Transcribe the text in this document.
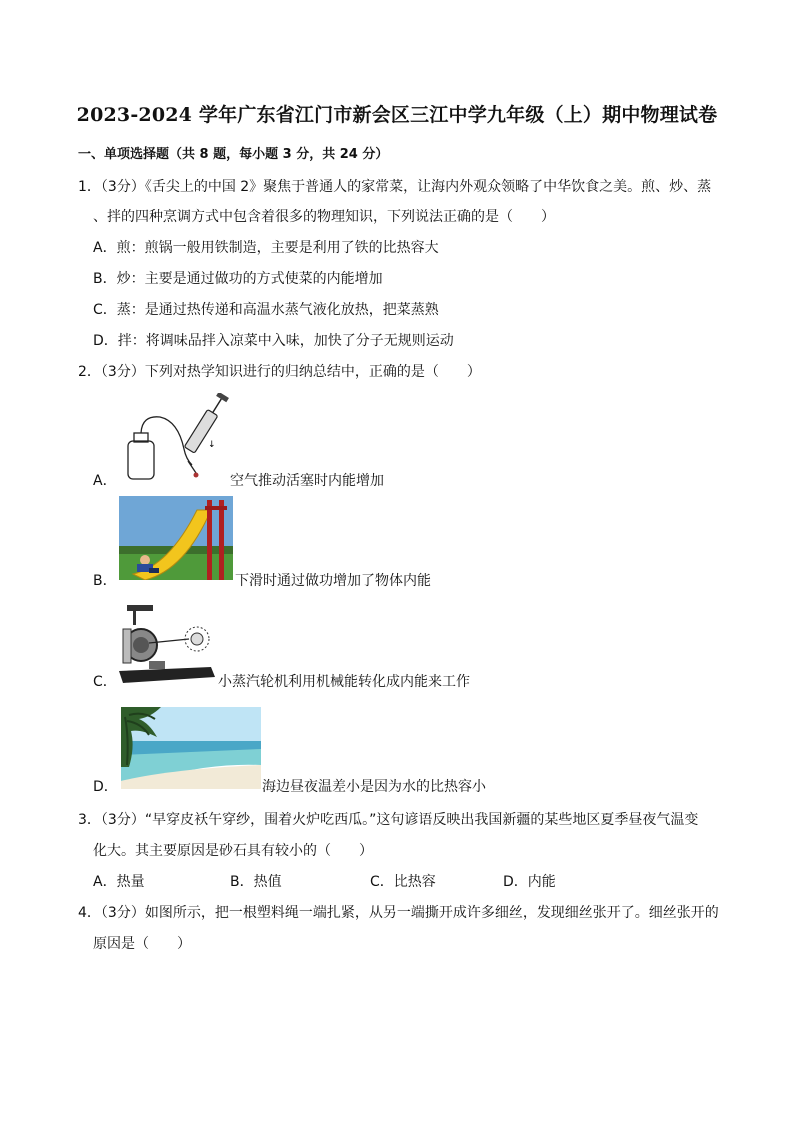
2023-2024 学年广东省江门市新会区三江中学九年级（上）期中物理试卷
一、单项选择题（共 8 题，每小题 3 分，共 24 分）
1．（3分）《舌尖上的中国 2》聚焦于普通人的家常菜，让海内外观众领略了中华饮食之美。煎、炒、蒸
、拌的四种烹调方式中包含着很多的物理知识，下列说法正确的是（　　）
A．煎：煎锅一般用铁制造，主要是利用了铁的比热容大
B．炒：主要是通过做功的方式使菜的内能增加
C．蒸：是通过热传递和高温水蒸气液化放热，把菜蒸熟
D．拌：将调味品拌入凉菜中入味，加快了分子无规则运动
2．（3分）下列对热学知识进行的归纳总结中，正确的是（　　）
↓
A．	空气推动活塞时内能增加
B．	下滑时通过做功增加了物体内能
C．	小蒸汽轮机利用机械能转化成内能来工作
D．	海边昼夜温差小是因为水的比热容小
3．（3分）“早穿皮袄午穿纱，围着火炉吃西瓜。”这句谚语反映出我国新疆的某些地区夏季昼夜气温变
化大。其主要原因是砂石具有较小的（　　）
A．热量	B．热值	C．比热容	D．内能
4．（3分）如图所示，把一根塑料绳一端扎紧，从另一端撕开成许多细丝，发现细丝张开了。细丝张开的
原因是（　　）
